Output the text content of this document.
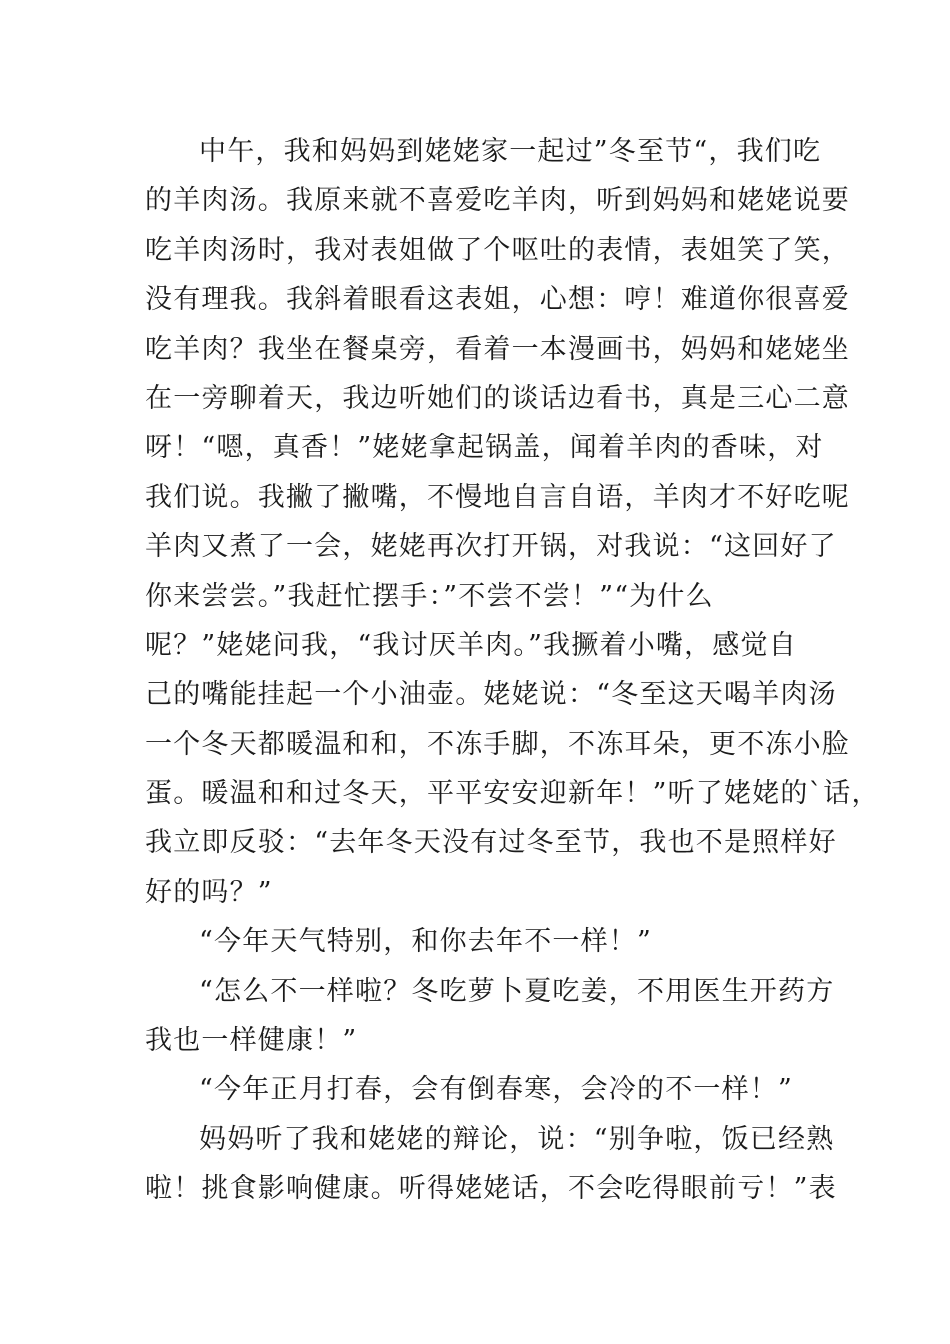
中午，我和妈妈到姥姥家一起过”冬至节“，我们吃
的羊肉汤。我原来就不喜爱吃羊肉，听到妈妈和姥姥说要
吃羊肉汤时，我对表姐做了个呕吐的表情，表姐笑了笑，
没有理我。我斜着眼看这表姐，心想：哼！难道你很喜爱
吃羊肉？我坐在餐桌旁，看着一本漫画书，妈妈和姥姥坐
在一旁聊着天，我边听她们的谈话边看书，真是三心二意
呀！“嗯，真香！”姥姥拿起锅盖，闻着羊肉的香味，对
我们说。我撇了撇嘴，不慢地自言自语，羊肉才不好吃呢
羊肉又煮了一会，姥姥再次打开锅，对我说：“这回好了
你来尝尝。”我赶忙摆手：”不尝不尝！”“为什么
呢？”姥姥问我，“我讨厌羊肉。”我撅着小嘴，感觉自
己的嘴能挂起一个小油壶。姥姥说：“冬至这天喝羊肉汤
一个冬天都暖温和和，不冻手脚，不冻耳朵，更不冻小脸
蛋。暖温和和过冬天，平平安安迎新年！”听了姥姥的`话，
我立即反驳：“去年冬天没有过冬至节，我也不是照样好
好的吗？”
“今年天气特别，和你去年不一样！”
“怎么不一样啦？冬吃萝卜夏吃姜，不用医生开药方
我也一样健康！”
“今年正月打春，会有倒春寒，会冷的不一样！”
妈妈听了我和姥姥的辩论，说：“别争啦，饭已经熟
啦！挑食影响健康。听得姥姥话，不会吃得眼前亏！”表
